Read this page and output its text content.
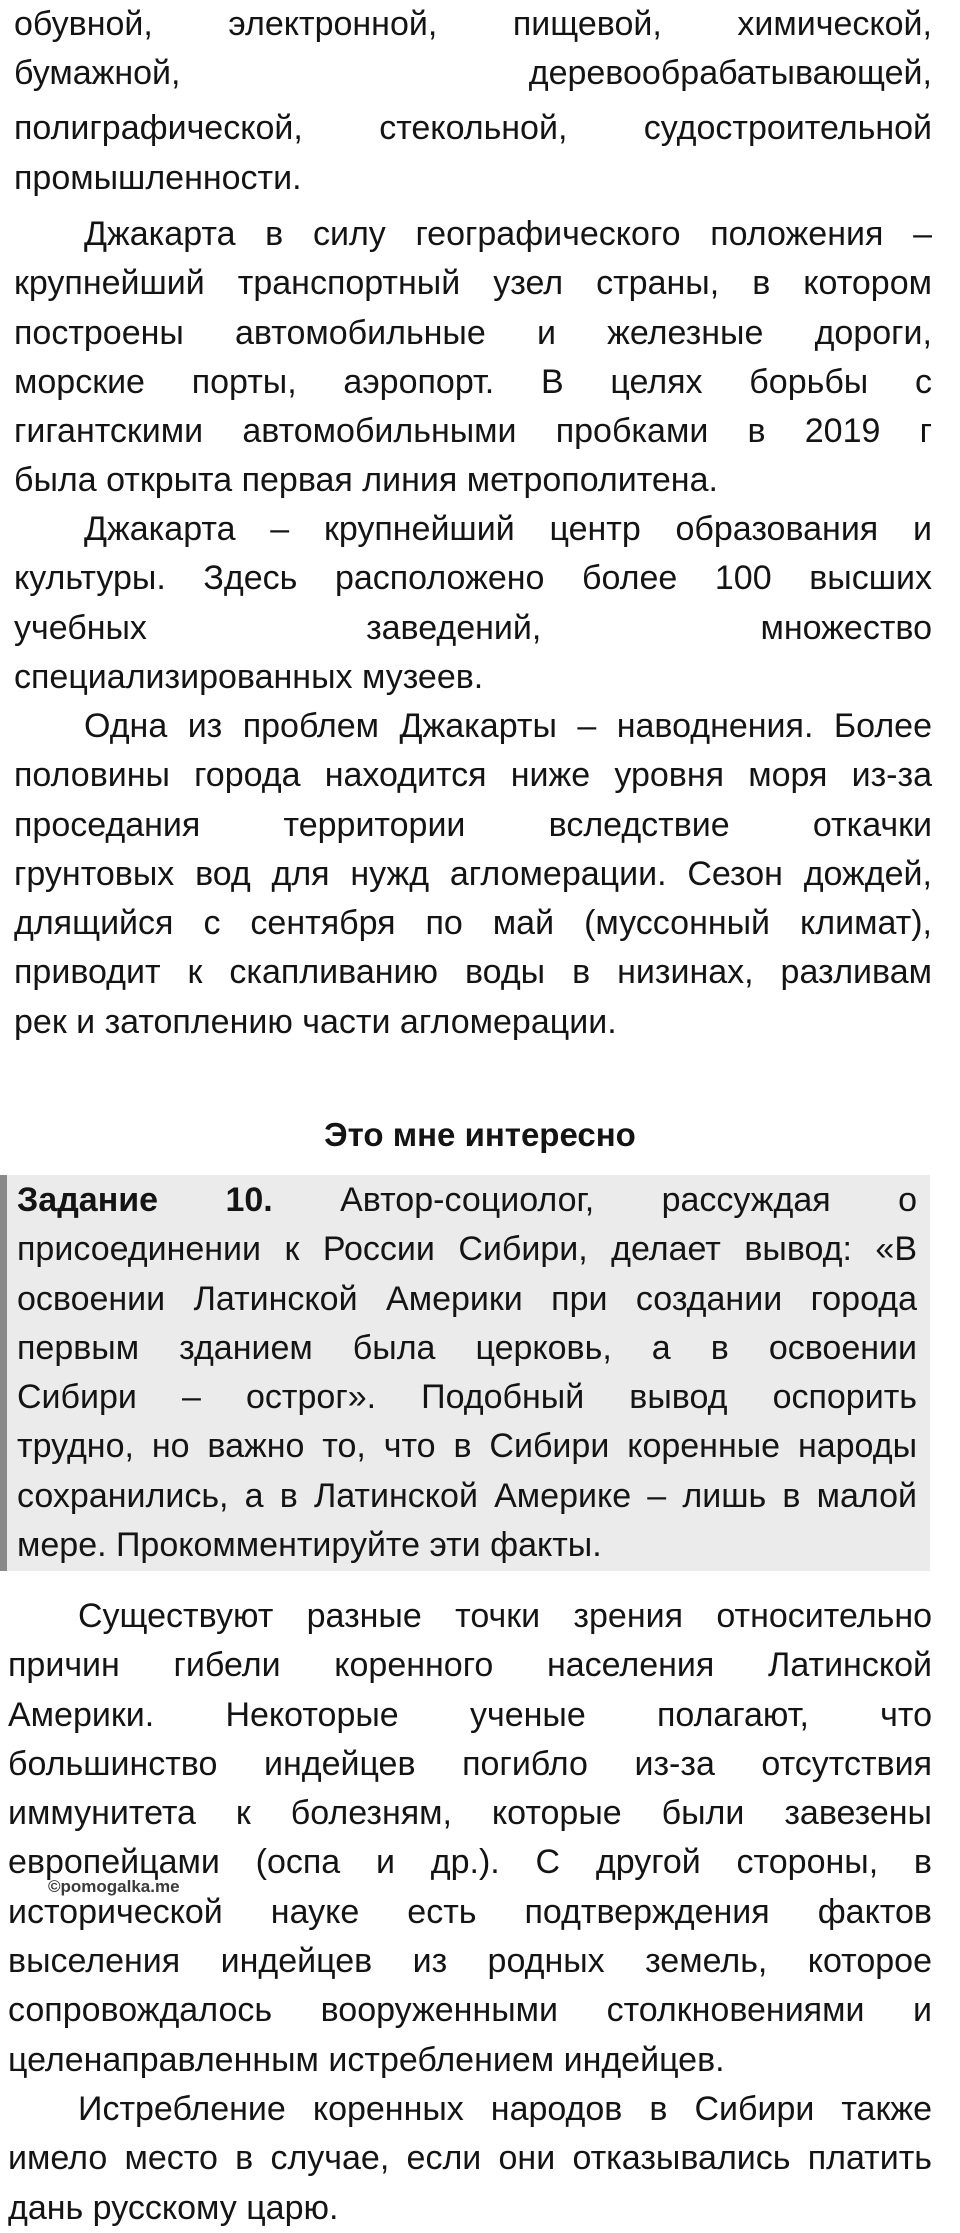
обувной, электронной, пищевой, химической,
бумажной, деревообрабатывающей,
полиграфической, стекольной, судостроительной
промышленности.
Джакарта в силу географического положения –
крупнейший транспортный узел страны, в котором
построены автомобильные и железные дороги,
морские порты, аэропорт. В целях борьбы с
гигантскими автомобильными пробками в 2019 г
была открыта первая линия метрополитена.
Джакарта – крупнейший центр образования и
культуры. Здесь расположено более 100 высших
учебных заведений, множество
специализированных музеев.
Одна из проблем Джакарты – наводнения. Более
половины города находится ниже уровня моря из-за
проседания территории вследствие откачки
грунтовых вод для нужд агломерации. Сезон дождей,
длящийся с сентября по май (муссонный климат),
приводит к скапливанию воды в низинах, разливам
рек и затоплению части агломерации.
Это мне интересно
Задание 10. Автор-социолог, рассуждая о
присоединении к России Сибири, делает вывод: «В
освоении Латинской Америки при создании города
первым зданием была церковь, а в освоении
Сибири – острог». Подобный вывод оспорить
трудно, но важно то, что в Сибири коренные народы
сохранились, а в Латинской Америке – лишь в малой
мере. Прокомментируйте эти факты.
Существуют разные точки зрения относительно
причин гибели коренного населения Латинской
Америки. Некоторые ученые полагают, что
большинство индейцев погибло из-за отсутствия
иммунитета к болезням, которые были завезены
европейцами (оспа и др.). С другой стороны, в
исторической науке есть подтверждения фактов
выселения индейцев из родных земель, которое
сопровождалось вооруженными столкновениями и
целенаправленным истреблением индейцев.
Истребление коренных народов в Сибири также
имело место в случае, если они отказывались платить
дань русскому царю.
©pomogalka.me
